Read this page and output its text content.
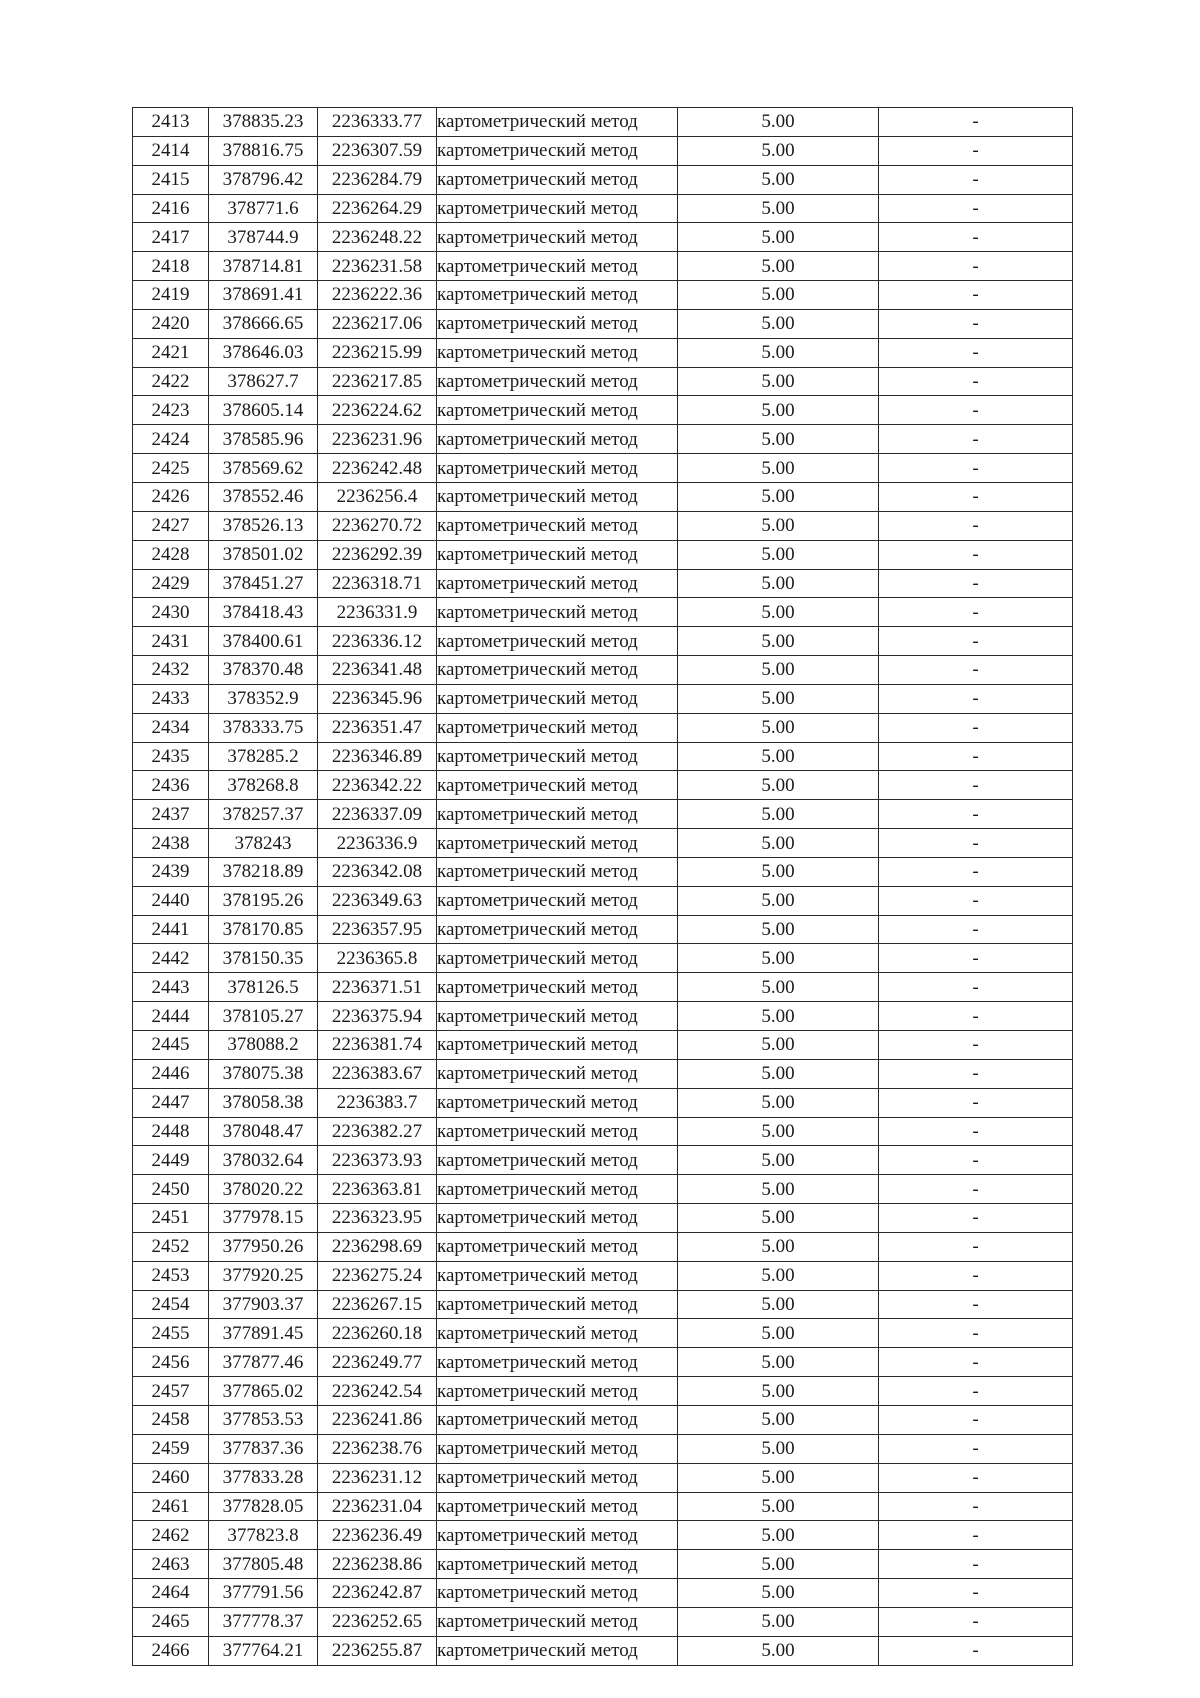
2413	378835.23	2236333.77	картометрический метод	5.00	-
2414	378816.75	2236307.59	картометрический метод	5.00	-
2415	378796.42	2236284.79	картометрический метод	5.00	-
2416	378771.6	2236264.29	картометрический метод	5.00	-
2417	378744.9	2236248.22	картометрический метод	5.00	-
2418	378714.81	2236231.58	картометрический метод	5.00	-
2419	378691.41	2236222.36	картометрический метод	5.00	-
2420	378666.65	2236217.06	картометрический метод	5.00	-
2421	378646.03	2236215.99	картометрический метод	5.00	-
2422	378627.7	2236217.85	картометрический метод	5.00	-
2423	378605.14	2236224.62	картометрический метод	5.00	-
2424	378585.96	2236231.96	картометрический метод	5.00	-
2425	378569.62	2236242.48	картометрический метод	5.00	-
2426	378552.46	2236256.4	картометрический метод	5.00	-
2427	378526.13	2236270.72	картометрический метод	5.00	-
2428	378501.02	2236292.39	картометрический метод	5.00	-
2429	378451.27	2236318.71	картометрический метод	5.00	-
2430	378418.43	2236331.9	картометрический метод	5.00	-
2431	378400.61	2236336.12	картометрический метод	5.00	-
2432	378370.48	2236341.48	картометрический метод	5.00	-
2433	378352.9	2236345.96	картометрический метод	5.00	-
2434	378333.75	2236351.47	картометрический метод	5.00	-
2435	378285.2	2236346.89	картометрический метод	5.00	-
2436	378268.8	2236342.22	картометрический метод	5.00	-
2437	378257.37	2236337.09	картометрический метод	5.00	-
2438	378243	2236336.9	картометрический метод	5.00	-
2439	378218.89	2236342.08	картометрический метод	5.00	-
2440	378195.26	2236349.63	картометрический метод	5.00	-
2441	378170.85	2236357.95	картометрический метод	5.00	-
2442	378150.35	2236365.8	картометрический метод	5.00	-
2443	378126.5	2236371.51	картометрический метод	5.00	-
2444	378105.27	2236375.94	картометрический метод	5.00	-
2445	378088.2	2236381.74	картометрический метод	5.00	-
2446	378075.38	2236383.67	картометрический метод	5.00	-
2447	378058.38	2236383.7	картометрический метод	5.00	-
2448	378048.47	2236382.27	картометрический метод	5.00	-
2449	378032.64	2236373.93	картометрический метод	5.00	-
2450	378020.22	2236363.81	картометрический метод	5.00	-
2451	377978.15	2236323.95	картометрический метод	5.00	-
2452	377950.26	2236298.69	картометрический метод	5.00	-
2453	377920.25	2236275.24	картометрический метод	5.00	-
2454	377903.37	2236267.15	картометрический метод	5.00	-
2455	377891.45	2236260.18	картометрический метод	5.00	-
2456	377877.46	2236249.77	картометрический метод	5.00	-
2457	377865.02	2236242.54	картометрический метод	5.00	-
2458	377853.53	2236241.86	картометрический метод	5.00	-
2459	377837.36	2236238.76	картометрический метод	5.00	-
2460	377833.28	2236231.12	картометрический метод	5.00	-
2461	377828.05	2236231.04	картометрический метод	5.00	-
2462	377823.8	2236236.49	картометрический метод	5.00	-
2463	377805.48	2236238.86	картометрический метод	5.00	-
2464	377791.56	2236242.87	картометрический метод	5.00	-
2465	377778.37	2236252.65	картометрический метод	5.00	-
2466	377764.21	2236255.87	картометрический метод	5.00	-
